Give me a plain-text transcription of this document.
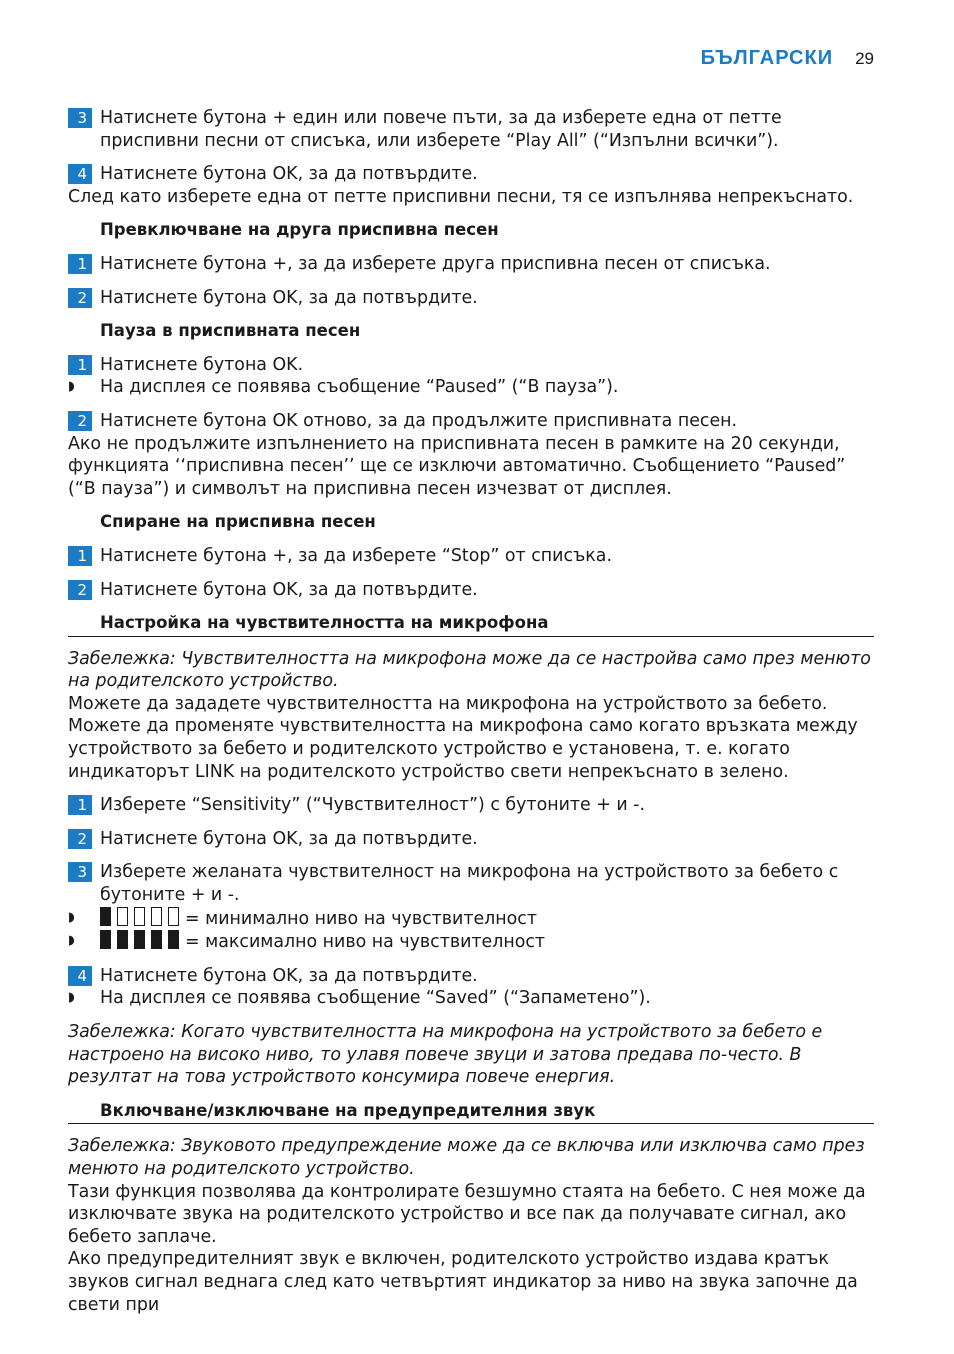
БЪЛГАРСКИ 29
3 Натиснете бутона + един или повече пъти, за да изберете една от петте приспивни песни от списъка, или изберете “Play All” (“Изпълни всички”).
4 Натиснете бутона OK, за да потвърдите.
След като изберете една от петте приспивни песни, тя се изпълнява непрекъснато.
Превключване на друга приспивна песен
1 Натиснете бутона +, за да изберете друга приспивна песен от списъка.
2 Натиснете бутона OK, за да потвърдите.
Пауза в приспивната песен
1 Натиснете бутона OK.
◗	На дисплея се появява съобщение “Paused” (“В пауза”).
2 Натиснете бутона OK отново, за да продължите приспивната песен.
Ако не продължите изпълнението на приспивната песен в рамките на 20 секунди, функцията ‘‘приспивна песен’’ ще се изключи автоматично. Съобщението “Paused” (“В пауза”) и символът на приспивна песен изчезват от дисплея.
Спиране на приспивна песен
1 Натиснете бутона +, за да изберете “Stop” от списъка.
2 Натиснете бутона OK, за да потвърдите.
Настройка на чувствителността на микрофона
Забележка: Чувствителността на микрофона може да се настройва само през менюто на родителското устройство.
Можете да зададете чувствителността на микрофона на устройството за бебето. Можете да променяте чувствителността на микрофона само когато връзката между устройството за бебето и родителското устройство е установена, т. е. когато индикаторът LINK на родителското устройство свети непрекъснато в зелено.
1 Изберете “Sensitivity” (“Чувствителност”) с бутоните + и -.
2 Натиснете бутона OK, за да потвърдите.
3 Изберете желаната чувствителност на микрофона на устройството за бебето с бутоните + и -.
◗	= минимално ниво на чувствителност
◗	= максимално ниво на чувствителност
4 Натиснете бутона OK, за да потвърдите.
◗	На дисплея се появява съобщение “Saved” (“Запаметено”).
Забележка: Когато чувствителността на микрофона на устройството за бебето е настроено на високо ниво, то улавя повече звуци и затова предава по-често. В резултат на това устройството консумира повече енергия.
Включване/изключване на предупредителния звук
Забележка: Звуковото предупреждение може да се включва или изключва само през менюто на родителското устройство.
Тази функция позволява да контролирате безшумно стаята на бебето. С нея може да изключвате звука на родителското устройство и все пак да получавате сигнал, ако бебето заплаче.
Ако предупредителният звук е включен, родителското устройство издава кратък звуков сигнал веднага след като четвъртият индикатор за ниво на звука започне да свети при
